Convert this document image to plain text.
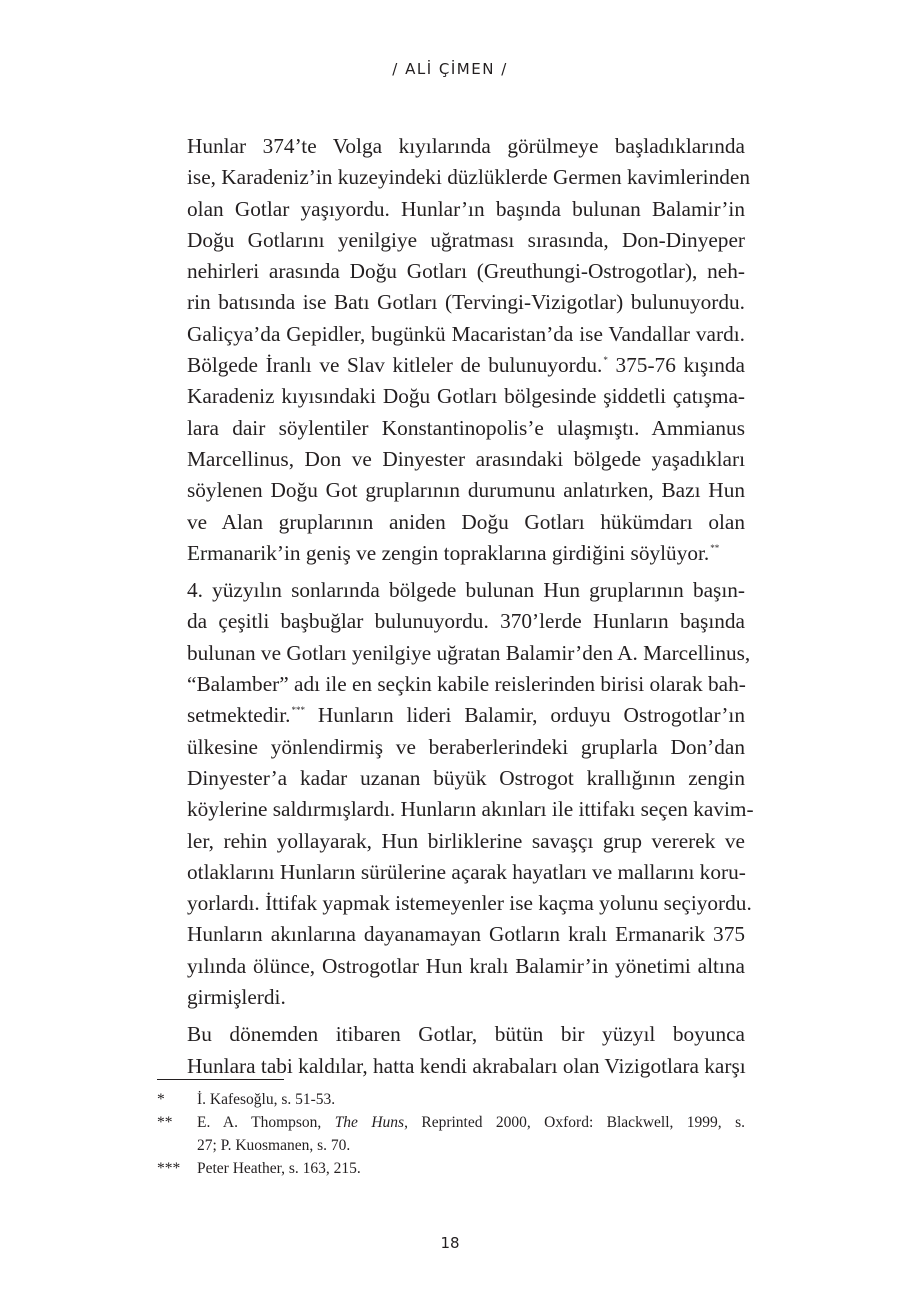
/ ALİ ÇİMEN /

Hunlar 374’te Volga kıyılarında görülmeye başladıklarında
ise, Karadeniz’in kuzeyindeki düzlüklerde Germen kavimlerinden
olan Gotlar yaşıyordu. Hunlar’ın başında bulunan Balamir’in
Doğu Gotlarını yenilgiye uğratması sırasında, Don-Dinyeper
nehirleri arasında Doğu Gotları (Greuthungi-Ostrogotlar), neh-
rin batısında ise Batı Gotları (Tervingi-Vizigotlar) bulunuyordu.
Galiçya’da Gepidler, bugünkü Macaristan’da ise Vandallar vardı.
Bölgede İranlı ve Slav kitleler de bulunuyordu.* 375-76 kışında
Karadeniz kıyısındaki Doğu Gotları bölgesinde şiddetli çatışma-
lara dair söylentiler Konstantinopolis’e ulaşmıştı. Ammianus
Marcellinus, Don ve Dinyester arasındaki bölgede yaşadıkları
söylenen Doğu Got gruplarının durumunu anlatırken, Bazı Hun
ve Alan gruplarının aniden Doğu Gotları hükümdarı olan
Ermanarik’in geniş ve zengin topraklarına girdiğini söylüyor.**

4. yüzyılın sonlarında bölgede bulunan Hun gruplarının başın-
da çeşitli başbuğlar bulunuyordu. 370’lerde Hunların başında
bulunan ve Gotları yenilgiye uğratan Balamir’den A. Marcellinus,
“Balamber” adı ile en seçkin kabile reislerinden birisi olarak bah-
setmektedir.*** Hunların lideri Balamir, orduyu Ostrogotlar’ın
ülkesine yönlendirmiş ve beraberlerindeki gruplarla Don’dan
Dinyester’a kadar uzanan büyük Ostrogot krallığının zengin
köylerine saldırmışlardı. Hunların akınları ile ittifakı seçen kavim-
ler, rehin yollayarak, Hun birliklerine savaşçı grup vererek ve
otlaklarını Hunların sürülerine açarak hayatları ve mallarını koru-
yorlardı. İttifak yapmak istemeyenler ise kaçma yolunu seçiyordu.
Hunların akınlarına dayanamayan Gotların kralı Ermanarik 375
yılında ölünce, Ostrogotlar Hun kralı Balamir’in yönetimi altına
girmişlerdi.

Bu dönemden itibaren Gotlar, bütün bir yüzyıl boyunca
Hunlara tabi kaldılar, hatta kendi akrabaları olan Vizigotlara karşı

*	İ. Kafesoğlu, s. 51-53.
**	E. A. Thompson, The Huns, Reprinted 2000, Oxford: Blackwell, 1999, s.
27; P. Kuosmanen, s. 70.
***	Peter Heather, s. 163, 215.
18
